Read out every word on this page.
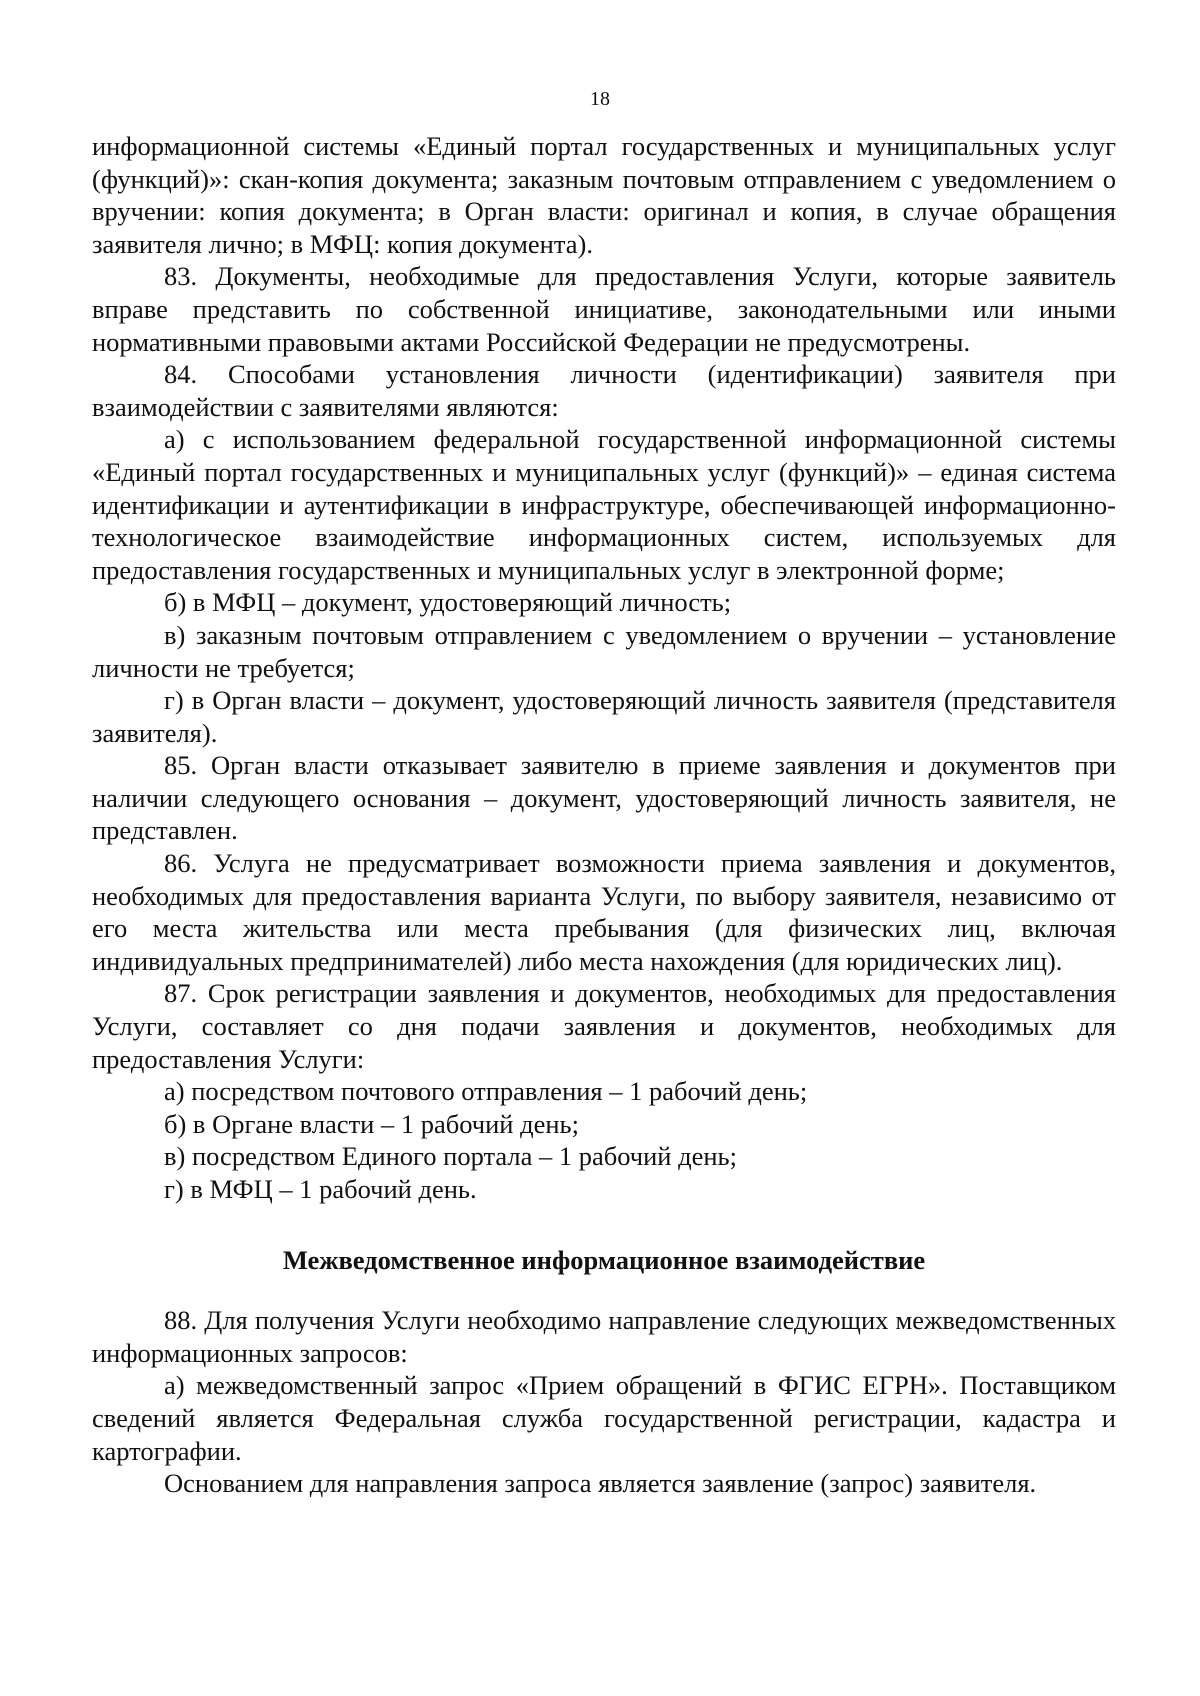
18

информационной системы «Единый портал государственных и муниципальных услуг (функций)»: скан-копия документа; заказным почтовым отправлением с уведомлением о вручении: копия документа; в Орган власти: оригинал и копия, в случае обращения заявителя лично; в МФЦ: копия документа).

83. Документы, необходимые для предоставления Услуги, которые заявитель вправе представить по собственной инициативе, законодательными или иными нормативными правовыми актами Российской Федерации не предусмотрены.

84. Способами установления личности (идентификации) заявителя при взаимодействии с заявителями являются:

а) с использованием федеральной государственной информационной системы «Единый портал государственных и муниципальных услуг (функций)» – единая система идентификации и аутентификации в инфраструктуре, обеспечивающей информационно-технологическое взаимодействие информационных систем, используемых для предоставления государственных и муниципальных услуг в электронной форме;

б) в МФЦ – документ, удостоверяющий личность;

в) заказным почтовым отправлением с уведомлением о вручении – установление личности не требуется;

г) в Орган власти – документ, удостоверяющий личность заявителя (представителя заявителя).

85. Орган власти отказывает заявителю в приеме заявления и документов при наличии следующего основания – документ, удостоверяющий личность заявителя, не представлен.

86. Услуга не предусматривает возможности приема заявления и документов, необходимых для предоставления варианта Услуги, по выбору заявителя, независимо от его места жительства или места пребывания (для физических лиц, включая индивидуальных предпринимателей) либо места нахождения (для юридических лиц).

87. Срок регистрации заявления и документов, необходимых для предоставления Услуги, составляет со дня подачи заявления и документов, необходимых для предоставления Услуги:

а) посредством почтового отправления – 1 рабочий день;

б) в Органе власти – 1 рабочий день;

в) посредством Единого портала – 1 рабочий день;

г) в МФЦ – 1 рабочий день.

Межведомственное информационное взаимодействие

88. Для получения Услуги необходимо направление следующих межведомственных информационных запросов:

а) межведомственный запрос «Прием обращений в ФГИС ЕГРН». Поставщиком сведений является Федеральная служба государственной регистрации, кадастра и картографии.

Основанием для направления запроса является заявление (запрос) заявителя.
